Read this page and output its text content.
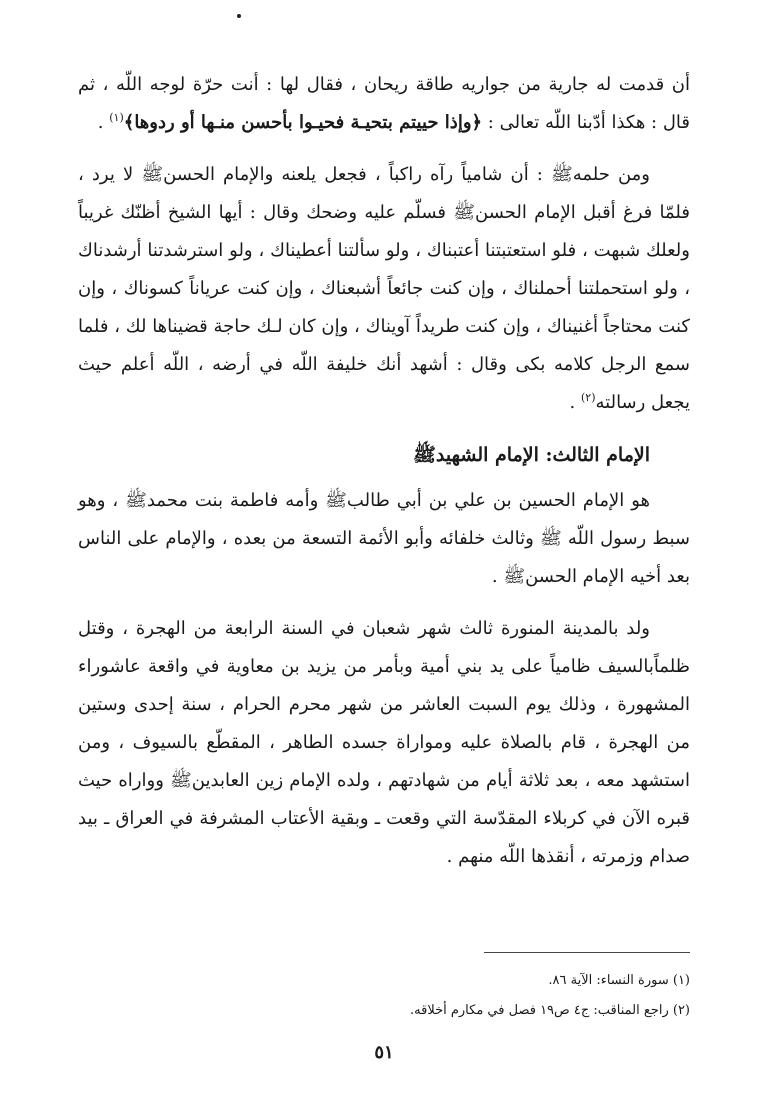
أن قدمت له جارية من جواريه طاقة ريحان ، فقال لها : أنت حرّة لوجه اللّه ، ثم قال : هكذا أدّبنا اللّه تعالى : ﴿وإذا حييتم بتحيـة فحيـوا بأحسن منـها أو ردوها﴾$^{(١)}$ .

ومن حلمهﷺ : أن شامياً رآه راكباً ، فجعل يلعنه والإمام الحسنﷺ لا يرد ، فلمّا فرغ أقبل الإمام الحسنﷺ فسلّم عليه وضحك وقال : أيها الشيخ أظنّك غريباً ولعلك شبهت ، فلو استعتبتنا أعتبناك ، ولو سألتنا أعطيناك ، ولو استرشدتنا أرشدناك ، ولو استحملتنا أحملناك ، وإن كنت جائعاً أشبعناك ، وإن كنت عرياناً كسوناك ، وإن كنت محتاجاً أغنيناك ، وإن كنت طريداً آويناك ، وإن كان لـك حاجة قضيناها لك ، فلما سمع الرجل كلامه بكى وقال : أشهد أنك خليفة اللّه في أرضه ، اللّه أعلم حيث يجعل رسالته$^{(٢)}$ .

الإمام الثالث: الإمام الشهيدﷺ

هو الإمام الحسين بن علي بن أبي طالبﷺ وأمه فاطمة بنت محمدﷺ ، وهو سبط رسول اللّه ﷺ وثالث خلفائه وأبو الأئمة التسعة من بعده ، والإمام على الناس بعد أخيه الإمام الحسنﷺ .

ولد بالمدينة المنورة ثالث شهر شعبان في السنة الرابعة من الهجرة ، وقتل ظلماًبالسيف ظامياً على يد بني أمية وبأمر من يزيد بن معاوية في واقعة عاشوراء المشهورة ، وذلك يوم السبت العاشر من شهر محرم الحرام ، سنة إحدى وستين من الهجرة ، قام بالصلاة عليه ومواراة جسده الطاهر ، المقطّع بالسيوف ، ومن استشهد معه ، بعد ثلاثة أيام من شهادتهم ، ولده الإمام زين العابدينﷺ وواراه حيث قبره الآن في كربلاء المقدّسة التي وقعت ـ وبقية الأعتاب المشرفة في العراق ـ بيد صدام وزمرته ، أنقذها اللّه منهم .

(١) سورة النساء: الآية ٨٦.

(٢) راجع المناقب: ج٤ ص١٩ فصل في مكارم أخلاقه.

٥١
